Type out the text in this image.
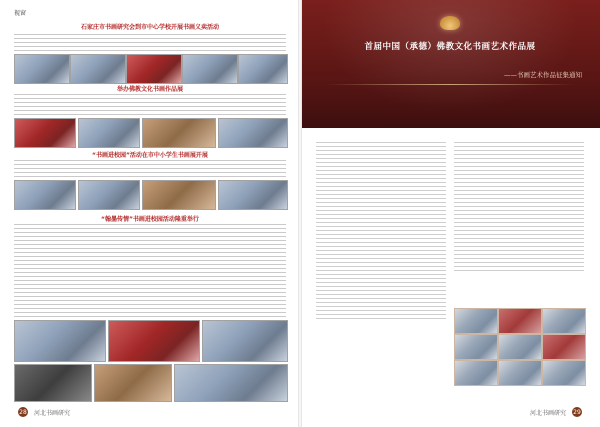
视窗
石家庄市书画研究会到市中心学校开展书画义卖活动
举办佛教文化书画作品展
“书画进校园”活动在市中小学生书画展开展
“翰墨传情”书画进校园活动隆重举行
28 河北书画研究
首届中国（承德）佛教文化书画艺术作品展
——书画艺术作品征集通知
河北书画研究 29
